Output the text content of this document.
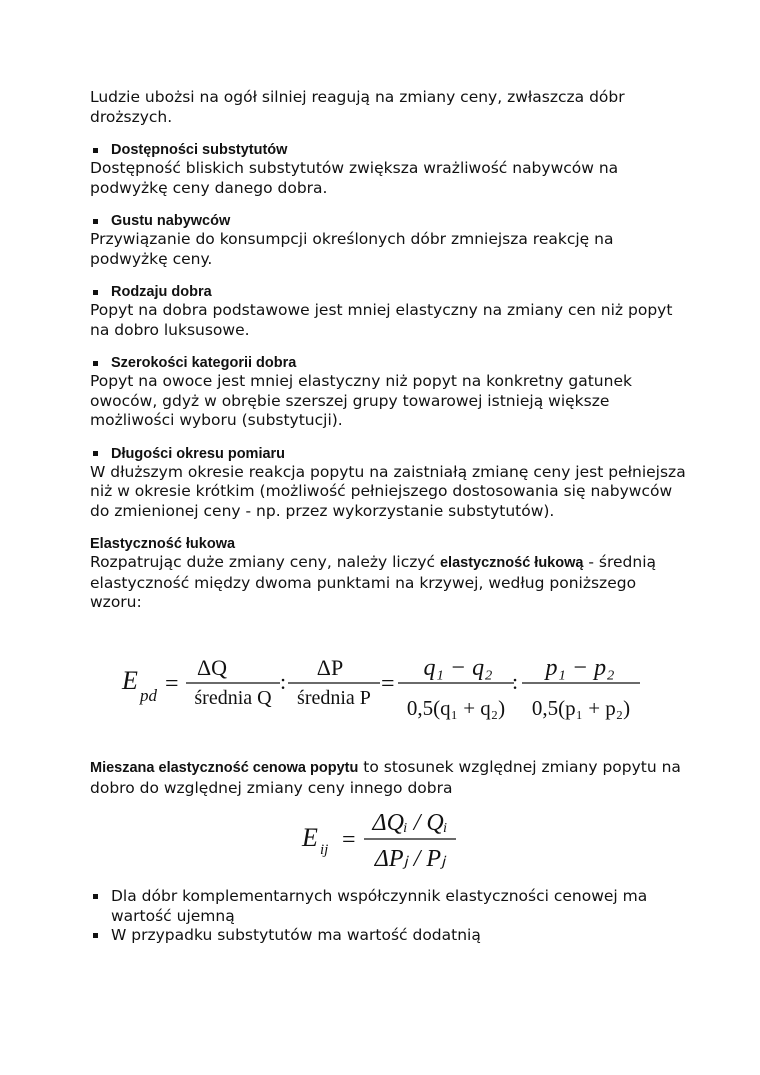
Ludzie ubożsi na ogół silniej reagują na zmiany ceny, zwłaszcza dóbr droższych.
Dostępności substytutów
Dostępność bliskich substytutów zwiększa wrażliwość nabywców na podwyżkę ceny danego dobra.
Gustu nabywców
Przywiązanie do konsumpcji określonych dóbr zmniejsza reakcję na podwyżkę ceny.
Rodzaju dobra
Popyt na dobra podstawowe jest mniej elastyczny na zmiany cen niż popyt na dobro luksusowe.
Szerokości kategorii dobra
Popyt na owoce jest mniej elastyczny niż popyt na konkretny gatunek owoców, gdyż w obrębie szerszej grupy towarowej istnieją większe możliwości wyboru (substytucji).
Długości okresu pomiaru
W dłuższym okresie reakcja popytu na zaistniałą zmianę ceny jest pełniejsza niż w okresie krótkim (możliwość pełniejszego dostosowania się nabywców do zmienionej ceny - np. przez wykorzystanie substytutów).
Elastyczność łukowa
Rozpatrując duże zmiany ceny, należy liczyć elastyczność łukową - średnią elastyczność między dwoma punktami na krzywej, według poniższego wzoru:
E
pd =
ΔQ
średnia Q
:
ΔP
średnia P
=
q₁ − q₂
0,5(q₁ + q₂)
:
p₁ − p₂
0,5(p₁ + p₂)
Mieszana elastyczność cenowa popytu to stosunek względnej zmiany popytu na dobro do względnej zmiany ceny innego dobra
E ij =
ΔQᵢ / Qᵢ
ΔPⱼ / Pⱼ
Dla dóbr komplementarnych współczynnik elastyczności cenowej ma wartość ujemną
W przypadku substytutów ma wartość dodatnią
